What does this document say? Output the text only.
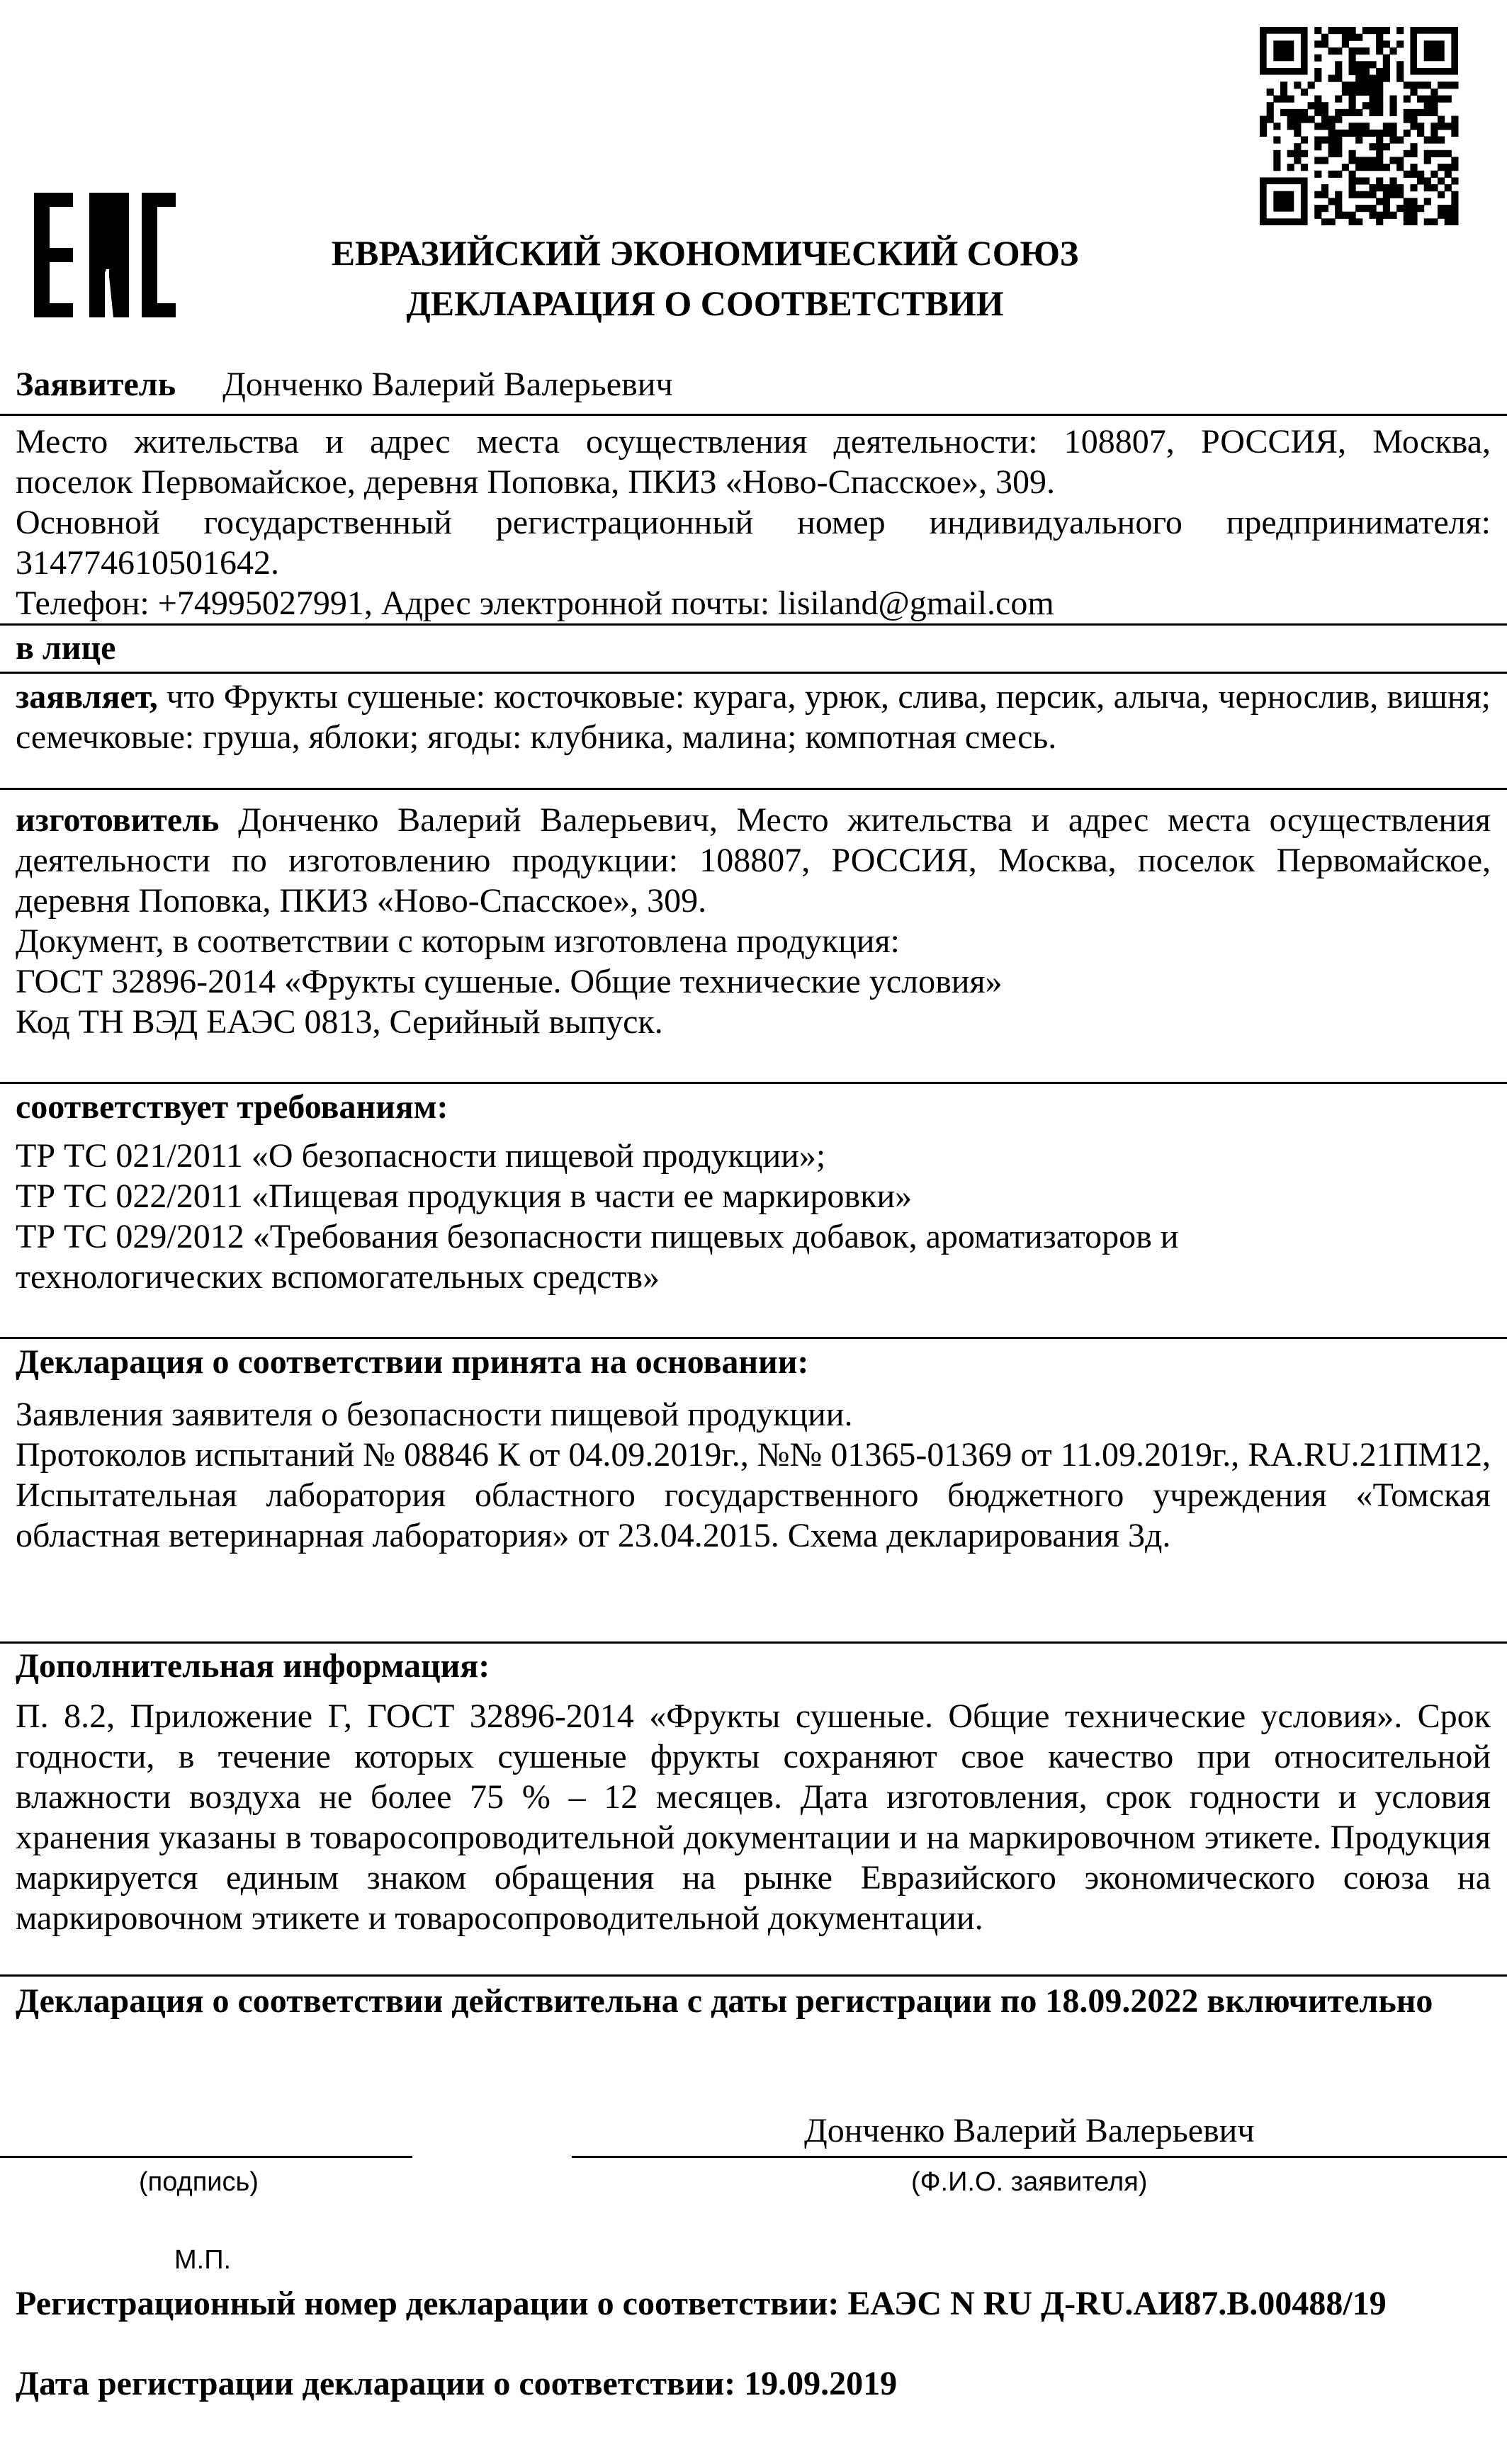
ЕВРАЗИЙСКИЙ ЭКОНОМИЧЕСКИЙ СОЮЗ
ДЕКЛАРАЦИЯ О СООТВЕТСТВИИ
Заявитель Донченко Валерий Валерьевич
Место жительства и адрес места осуществления деятельности: 108807, РОССИЯ, Москва,
поселок Первомайское, деревня Поповка, ПКИЗ «Ново-Спасское», 309.
Основной государственный регистрационный номер индивидуального предпринимателя:
314774610501642.
Телефон: +74995027991, Адрес электронной почты: lisiland@gmail.com
в лице
заявляет, что Фрукты сушеные: косточковые: курага, урюк, слива, персик, алыча, чернослив, вишня; семечковые: груша, яблоки; ягоды: клубника, малина; компотная смесь.
изготовитель Донченко Валерий Валерьевич, Место жительства и адрес места осуществления деятельности по изготовлению продукции: 108807, РОССИЯ, Москва, поселок Первомайское, деревня Поповка, ПКИЗ «Ново-Спасское», 309.
Документ, в соответствии с которым изготовлена продукция:
ГОСТ 32896-2014 «Фрукты сушеные. Общие технические условия»
Код ТН ВЭД ЕАЭС 0813, Серийный выпуск.
соответствует требованиям:
ТР ТС 021/2011 «О безопасности пищевой продукции»;
ТР ТС 022/2011 «Пищевая продукция в части ее маркировки»
ТР ТС 029/2012 «Требования безопасности пищевых добавок, ароматизаторов и
технологических вспомогательных средств»
Декларация о соответствии принята на основании:
Заявления заявителя о безопасности пищевой продукции.
Протоколов испытаний № 08846 К от 04.09.2019г., №№ 01365-01369 от 11.09.2019г., RA.RU.21ПМ12, Испытательная лаборатория областного государственного бюджетного учреждения «Томская областная ветеринарная лаборатория» от 23.04.2015. Схема декларирования 3д.
Дополнительная информация:
П. 8.2, Приложение Г, ГОСТ 32896-2014 «Фрукты сушеные. Общие технические условия». Срок годности, в течение которых сушеные фрукты сохраняют свое качество при относительной влажности воздуха не более 75 % – 12 месяцев. Дата изготовления, срок годности и условия хранения указаны в товаросопроводительной документации и на маркировочном этикете. Продукция маркируется единым знаком обращения на рынке Евразийского экономического союза на маркировочном этикете и товаросопроводительной документации.
Декларация о соответствии действительна с даты регистрации по 18.09.2022 включительно
Донченко Валерий Валерьевич
(подпись)	(Ф.И.О. заявителя)
М.П.
Регистрационный номер декларации о соответствии: ЕАЭС N RU Д-RU.АИ87.В.00488/19
Дата регистрации декларации о соответствии: 19.09.2019
